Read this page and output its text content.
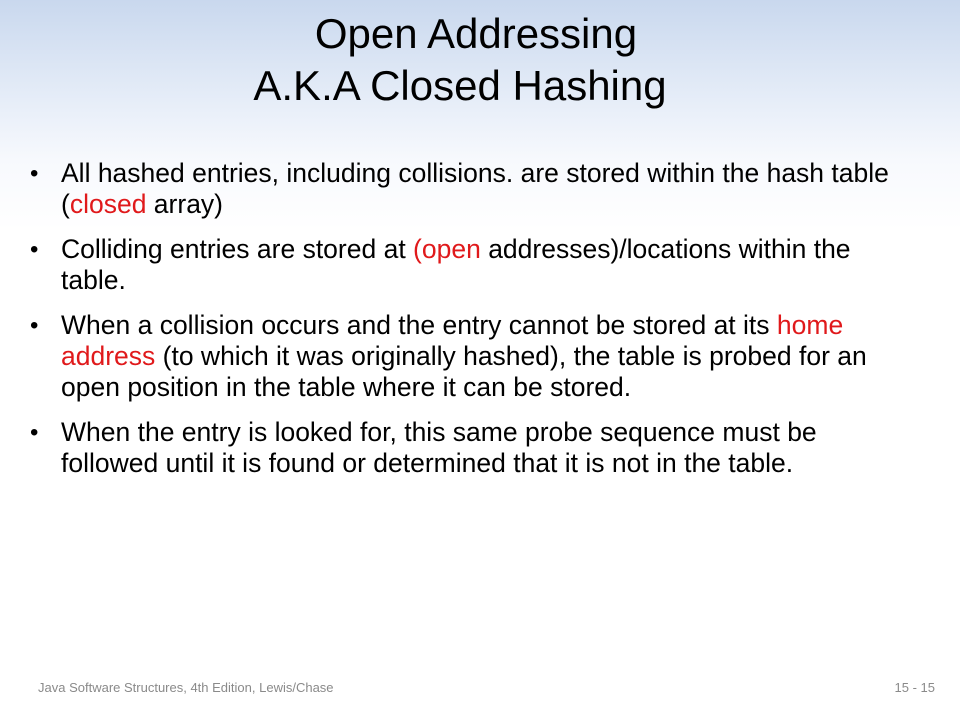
Open Addressing
A.K.A Closed Hashing
• All hashed entries, including collisions. are stored within the hash table (closed array)
• Colliding entries are stored at (open addresses)/locations within the table.
• When a collision occurs and the entry cannot be stored at its home address (to which it was originally hashed), the table is probed for an open position in the table where it can be stored.
• When the entry is looked for, this same probe sequence must be followed until it is found or determined that it is not in the table.
Java Software Structures, 4th Edition, Lewis/Chase	15 - 15
